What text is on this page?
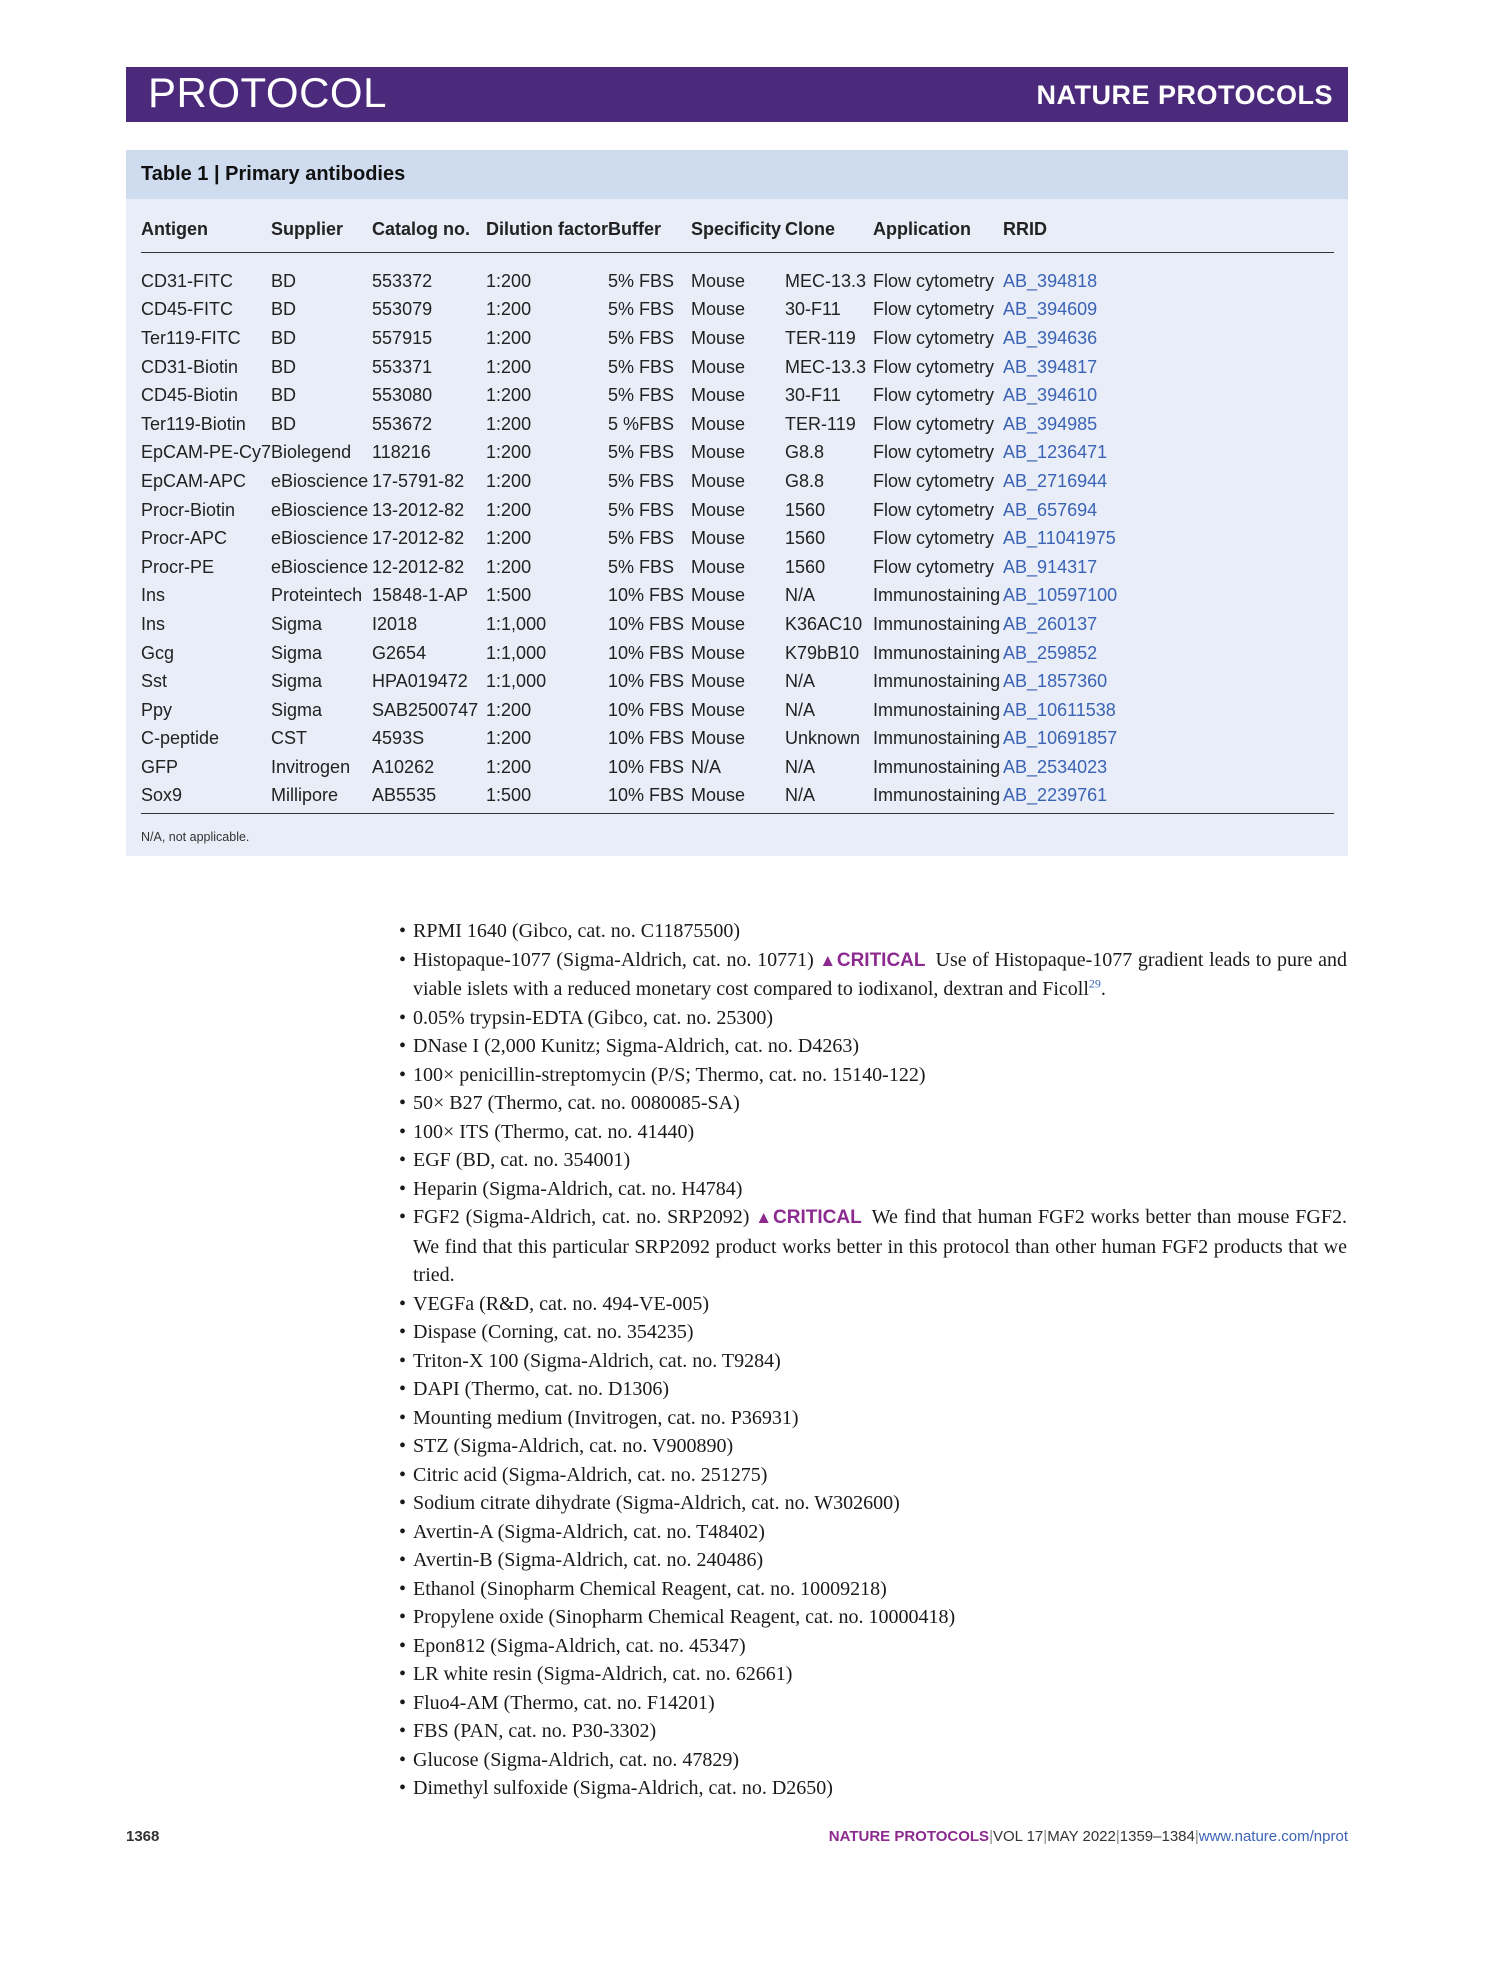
PROTOCOL	NATURE PROTOCOLS
Table 1 | Primary antibodies
Antigen	Supplier	Catalog no.	Dilution factor	Buffer	Specificity	Clone	Application	RRID
CD31-FITC	BD	553372	1:200	5% FBS	Mouse	MEC-13.3	Flow cytometry	AB_394818
CD45-FITC	BD	553079	1:200	5% FBS	Mouse	30-F11	Flow cytometry	AB_394609
Ter119-FITC	BD	557915	1:200	5% FBS	Mouse	TER-119	Flow cytometry	AB_394636
CD31-Biotin	BD	553371	1:200	5% FBS	Mouse	MEC-13.3	Flow cytometry	AB_394817
CD45-Biotin	BD	553080	1:200	5% FBS	Mouse	30-F11	Flow cytometry	AB_394610
Ter119-Biotin	BD	553672	1:200	5 %FBS	Mouse	TER-119	Flow cytometry	AB_394985
EpCAM-PE-Cy7	Biolegend	118216	1:200	5% FBS	Mouse	G8.8	Flow cytometry	AB_1236471
EpCAM-APC	eBioscience	17-5791-82	1:200	5% FBS	Mouse	G8.8	Flow cytometry	AB_2716944
Procr-Biotin	eBioscience	13-2012-82	1:200	5% FBS	Mouse	1560	Flow cytometry	AB_657694
Procr-APC	eBioscience	17-2012-82	1:200	5% FBS	Mouse	1560	Flow cytometry	AB_11041975
Procr-PE	eBioscience	12-2012-82	1:200	5% FBS	Mouse	1560	Flow cytometry	AB_914317
Ins	Proteintech	15848-1-AP	1:500	10% FBS	Mouse	N/A	Immunostaining	AB_10597100
Ins	Sigma	I2018	1:1,000	10% FBS	Mouse	K36AC10	Immunostaining	AB_260137
Gcg	Sigma	G2654	1:1,000	10% FBS	Mouse	K79bB10	Immunostaining	AB_259852
Sst	Sigma	HPA019472	1:1,000	10% FBS	Mouse	N/A	Immunostaining	AB_1857360
Ppy	Sigma	SAB2500747	1:200	10% FBS	Mouse	N/A	Immunostaining	AB_10611538
C-peptide	CST	4593S	1:200	10% FBS	Mouse	Unknown	Immunostaining	AB_10691857
GFP	Invitrogen	A10262	1:200	10% FBS	N/A	N/A	Immunostaining	AB_2534023
Sox9	Millipore	AB5535	1:500	10% FBS	Mouse	N/A	Immunostaining	AB_2239761
N/A, not applicable.
• RPMI 1640 (Gibco, cat. no. C11875500)
• Histopaque-1077 (Sigma-Aldrich, cat. no. 10771) ▲CRITICAL  Use of Histopaque-1077 gradient leads to pure and viable islets with a reduced monetary cost compared to iodixanol, dextran and Ficoll$^{29}$.
• 0.05% trypsin-EDTA (Gibco, cat. no. 25300)
• DNase I (2,000 Kunitz; Sigma-Aldrich, cat. no. D4263)
• 100× penicillin-streptomycin (P/S; Thermo, cat. no. 15140-122)
• 50× B27 (Thermo, cat. no. 0080085-SA)
• 100× ITS (Thermo, cat. no. 41440)
• EGF (BD, cat. no. 354001)
• Heparin (Sigma-Aldrich, cat. no. H4784)
• FGF2 (Sigma-Aldrich, cat. no. SRP2092) ▲CRITICAL  We find that human FGF2 works better than mouse FGF2. We find that this particular SRP2092 product works better in this protocol than other human FGF2 products that we tried.
• VEGFa (R&D, cat. no. 494-VE-005)
• Dispase (Corning, cat. no. 354235)
• Triton-X 100 (Sigma-Aldrich, cat. no. T9284)
• DAPI (Thermo, cat. no. D1306)
• Mounting medium (Invitrogen, cat. no. P36931)
• STZ (Sigma-Aldrich, cat. no. V900890)
• Citric acid (Sigma-Aldrich, cat. no. 251275)
• Sodium citrate dihydrate (Sigma-Aldrich, cat. no. W302600)
• Avertin-A (Sigma-Aldrich, cat. no. T48402)
• Avertin-B (Sigma-Aldrich, cat. no. 240486)
• Ethanol (Sinopharm Chemical Reagent, cat. no. 10009218)
• Propylene oxide (Sinopharm Chemical Reagent, cat. no. 10000418)
• Epon812 (Sigma-Aldrich, cat. no. 45347)
• LR white resin (Sigma-Aldrich, cat. no. 62661)
• Fluo4-AM (Thermo, cat. no. F14201)
• FBS (PAN, cat. no. P30-3302)
• Glucose (Sigma-Aldrich, cat. no. 47829)
• Dimethyl sulfoxide (Sigma-Aldrich, cat. no. D2650)
1368	NATURE PROTOCOLS|VOL 17|MAY 2022|1359–1384|www.nature.com/nprot
